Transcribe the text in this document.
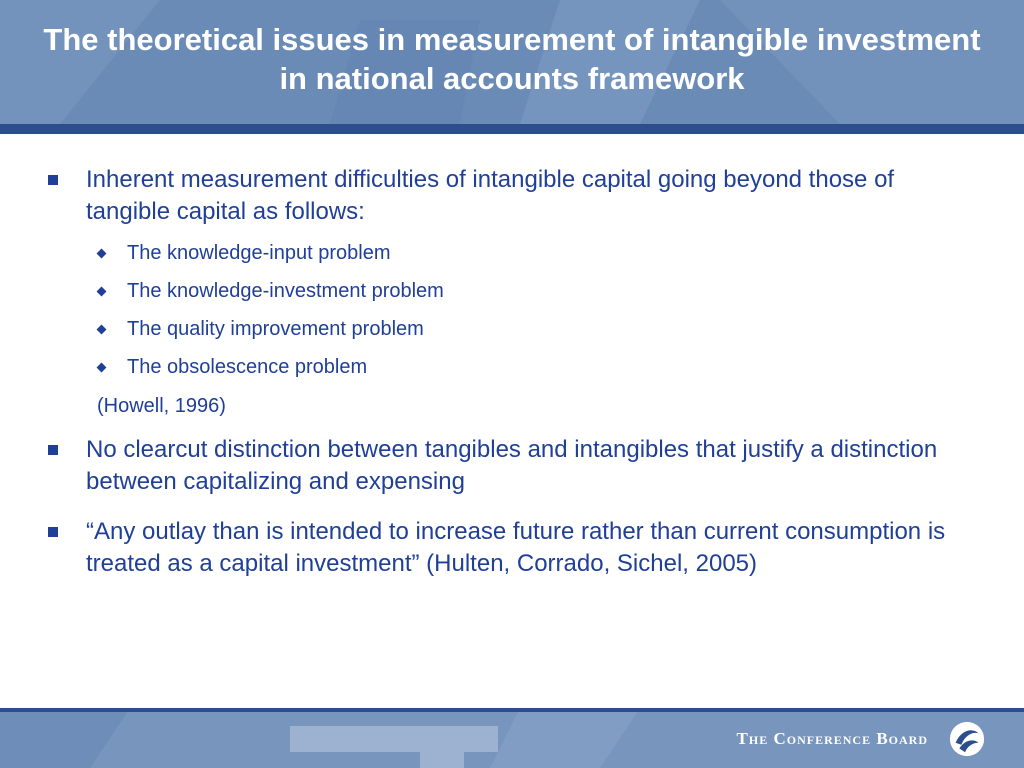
The theoretical issues in measurement of intangible investment in national accounts framework
Inherent measurement difficulties of intangible capital going beyond those of tangible capital as follows:
The knowledge-input problem
The knowledge-investment problem
The quality improvement problem
The obsolescence problem
(Howell, 1996)
No clearcut distinction between tangibles and intangibles that justify a distinction between capitalizing and expensing
“Any outlay than is intended to increase future rather than current consumption is treated as a capital investment” (Hulten, Corrado, Sichel, 2005)
The Conference Board
